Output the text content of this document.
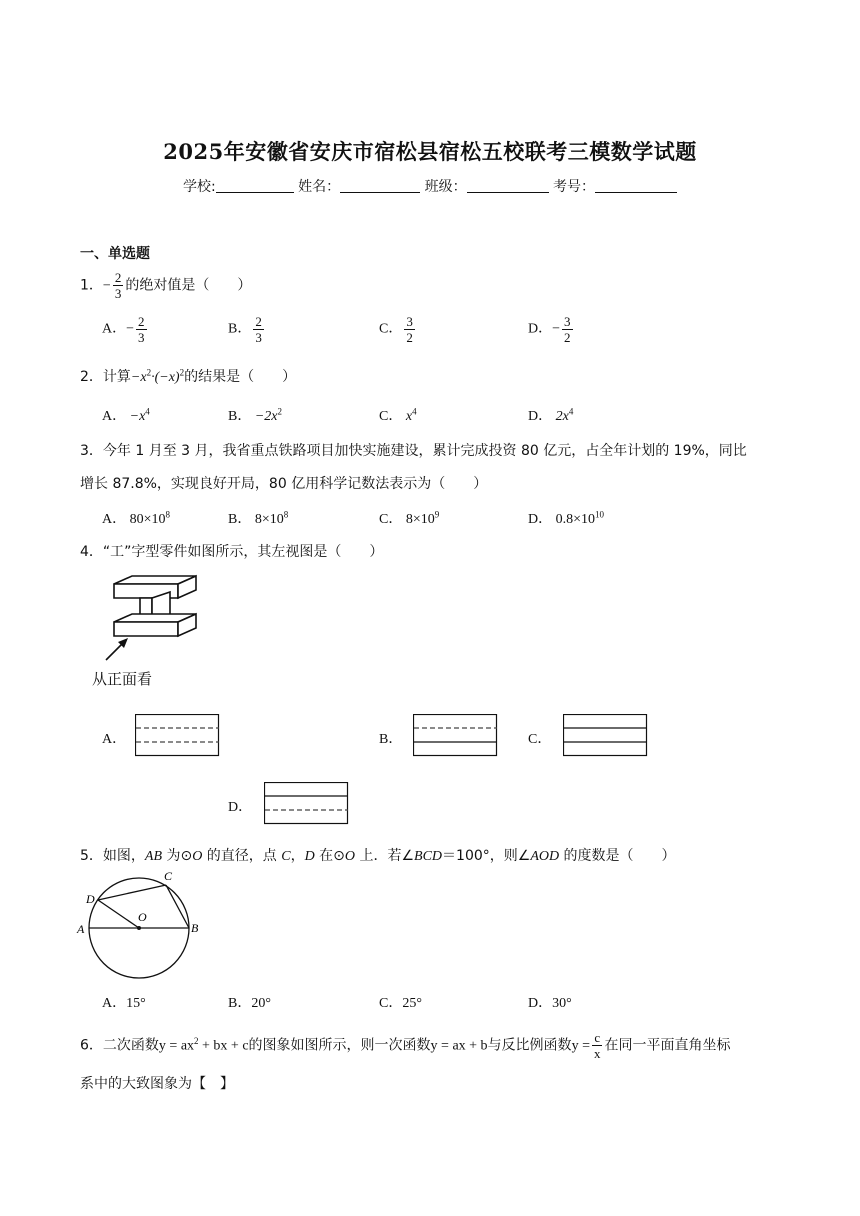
2025年安徽省安庆市宿松县宿松五校联考三模数学试题
学校:	姓名：	班级：	考号：
一、单选题
1．− $\frac{2}{3}$ 的绝对值是（　　）
A．− $\frac{2}{3}$	B． $\frac{2}{3}$	C． $\frac{3}{2}$	D．− $\frac{3}{2}$
2．计算$-x^2\cdot(-x)^2$的结果是（　　）
A． $-x^4$	B． $-2x^2$	C． $x^4$	D． $2x^4$
3．今年 1 月至 3 月，我省重点铁路项目加快实施建设，累计完成投资 80 亿元，占全年计划的 19%，同比
增长 87.8%，实现良好开局，80 亿用科学记数法表示为（　　）
A． $80\times 10^8$	B． $8\times 10^8$	C． $8\times 10^9$	D． $0.8\times 10^{10}$
4．“工”字型零件如图所示，其左视图是（　　）
从正面看
A．	B．	C．
D．
5．如图，AB 为⊙O 的直径，点 C，D 在⊙O 上．若∠BCD＝100°，则∠AOD 的度数是（　　）
A	B
C
D
O
A．15°	B．20°	C．25°	D．30°
6．二次函数$y = ax^2$ + bx + c的图象如图所示，则一次函数y = ax + b与反比例函数$y = \frac{c}{x}$ 在同一平面直角坐标
系中的大致图象为【　】
